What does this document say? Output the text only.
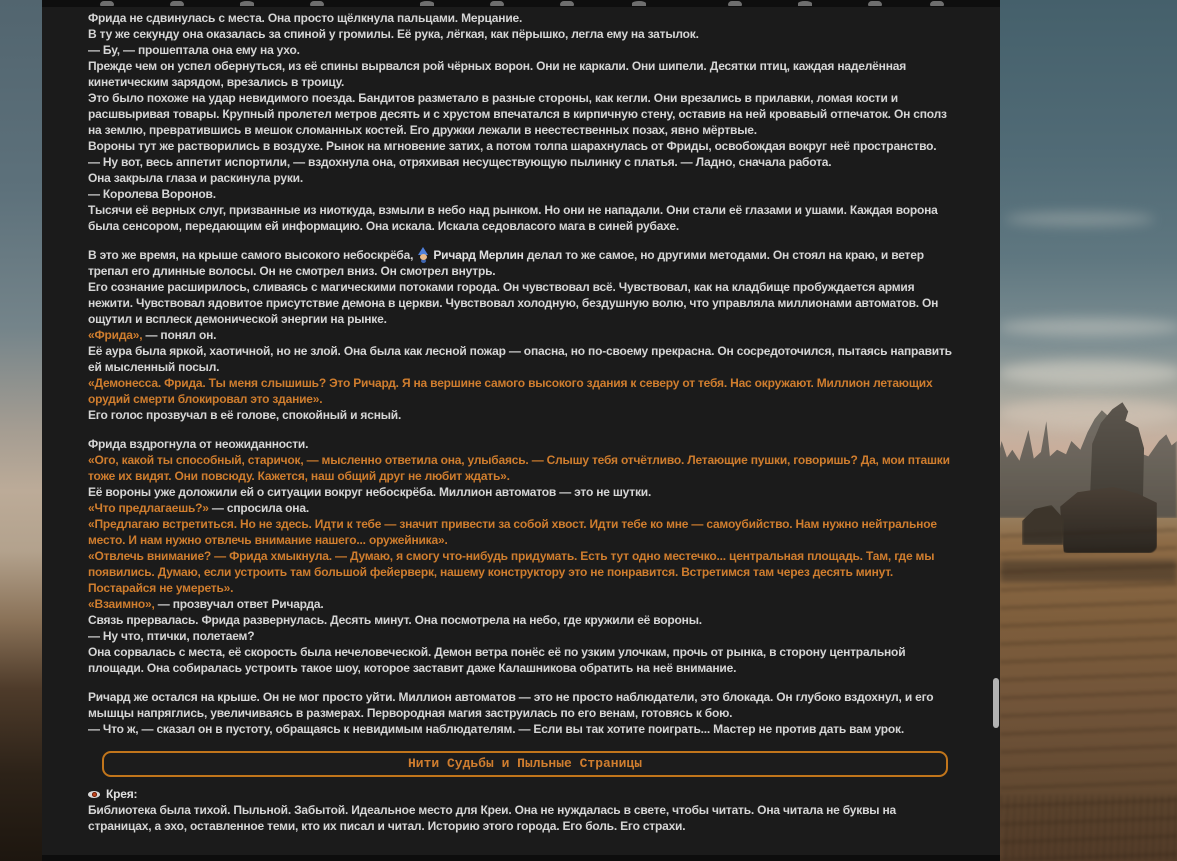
Фрида не сдвинулась с места. Она просто щёлкнула пальцами. Мерцание.
В ту же секунду она оказалась за спиной у громилы. Её рука, лёгкая, как пёрышко, легла ему на затылок.
— Бу, — прошептала она ему на ухо.
Прежде чем он успел обернуться, из её спины вырвался рой чёрных ворон. Они не каркали. Они шипели. Десятки птиц, каждая наделённая кинетическим зарядом, врезались в троицу.
Это было похоже на удар невидимого поезда. Бандитов разметало в разные стороны, как кегли. Они врезались в прилавки, ломая кости и расшвыривая товары. Крупный пролетел метров десять и с хрустом впечатался в кирпичную стену, оставив на ней кровавый отпечаток. Он сполз на землю, превратившись в мешок сломанных костей. Его дружки лежали в неестественных позах, явно мёртвые.
Вороны тут же растворились в воздухе. Рынок на мгновение затих, а потом толпа шарахнулась от Фриды, освобождая вокруг неё пространство.
— Ну вот, весь аппетит испортили, — вздохнула она, отряхивая несуществующую пылинку с платья. — Ладно, сначала работа.
Она закрыла глаза и раскинула руки.
— Королева Воронов.
Тысячи её верных слуг, призванные из ниоткуда, взмыли в небо над рынком. Но они не нападали. Они стали её глазами и ушами. Каждая ворона была сенсором, передающим ей информацию. Она искала. Искала седовласого мага в синей рубахе.
В это же время, на крыше самого высокого небоскрёба, Ричард Мерлин делал то же самое, но другими методами. Он стоял на краю, и ветер трепал его длинные волосы. Он не смотрел вниз. Он смотрел внутрь.
Его сознание расширилось, сливаясь с магическими потоками города. Он чувствовал всё. Чувствовал, как на кладбище пробуждается армия нежити. Чувствовал ядовитое присутствие демона в церкви. Чувствовал холодную, бездушную волю, что управляла миллионами автоматов. Он ощутил и всплеск демонической энергии на рынке.
«Фрида», — понял он.
Её аура была яркой, хаотичной, но не злой. Она была как лесной пожар — опасна, но по-своему прекрасна. Он сосредоточился, пытаясь направить ей мысленный посыл.
«Демонесса. Фрида. Ты меня слышишь? Это Ричард. Я на вершине самого высокого здания к северу от тебя. Нас окружают. Миллион летающих орудий смерти блокировал это здание».
Его голос прозвучал в её голове, спокойный и ясный.
Фрида вздрогнула от неожиданности.
«Ого, какой ты способный, старичок, — мысленно ответила она, улыбаясь. — Слышу тебя отчётливо. Летающие пушки, говоришь? Да, мои пташки тоже их видят. Они повсюду. Кажется, наш общий друг не любит ждать».
Её вороны уже доложили ей о ситуации вокруг небоскрёба. Миллион автоматов — это не шутки.
«Что предлагаешь?» — спросила она.
«Предлагаю встретиться. Но не здесь. Идти к тебе — значит привести за собой хвост. Идти тебе ко мне — самоубийство. Нам нужно нейтральное место. И нам нужно отвлечь внимание нашего... оружейника».
«Отвлечь внимание? — Фрида хмыкнула. — Думаю, я смогу что-нибудь придумать. Есть тут одно местечко... центральная площадь. Там, где мы появились. Думаю, если устроить там большой фейерверк, нашему конструктору это не понравится. Встретимся там через десять минут. Постарайся не умереть».
«Взаимно», — прозвучал ответ Ричарда.
Связь прервалась. Фрида развернулась. Десять минут. Она посмотрела на небо, где кружили её вороны.
— Ну что, птички, полетаем?
Она сорвалась с места, её скорость была нечеловеческой. Демон ветра понёс её по узким улочкам, прочь от рынка, в сторону центральной площади. Она собиралась устроить такое шоу, которое заставит даже Калашникова обратить на неё внимание.
Ричард же остался на крыше. Он не мог просто уйти. Миллион автоматов — это не просто наблюдатели, это блокада. Он глубоко вздохнул, и его мышцы напряглись, увеличиваясь в размерах. Первородная магия заструилась по его венам, готовясь к бою.
— Что ж, — сказал он в пустоту, обращаясь к невидимым наблюдателям. — Если вы так хотите поиграть... Мастер не против дать вам урок.
Нити Судьбы и Пыльные Страницы
Крея:
Библиотека была тихой. Пыльной. Забытой. Идеальное место для Креи. Она не нуждалась в свете, чтобы читать. Она читала не буквы на страницах, а эхо, оставленное теми, кто их писал и читал. Историю этого города. Его боль. Его страхи.
